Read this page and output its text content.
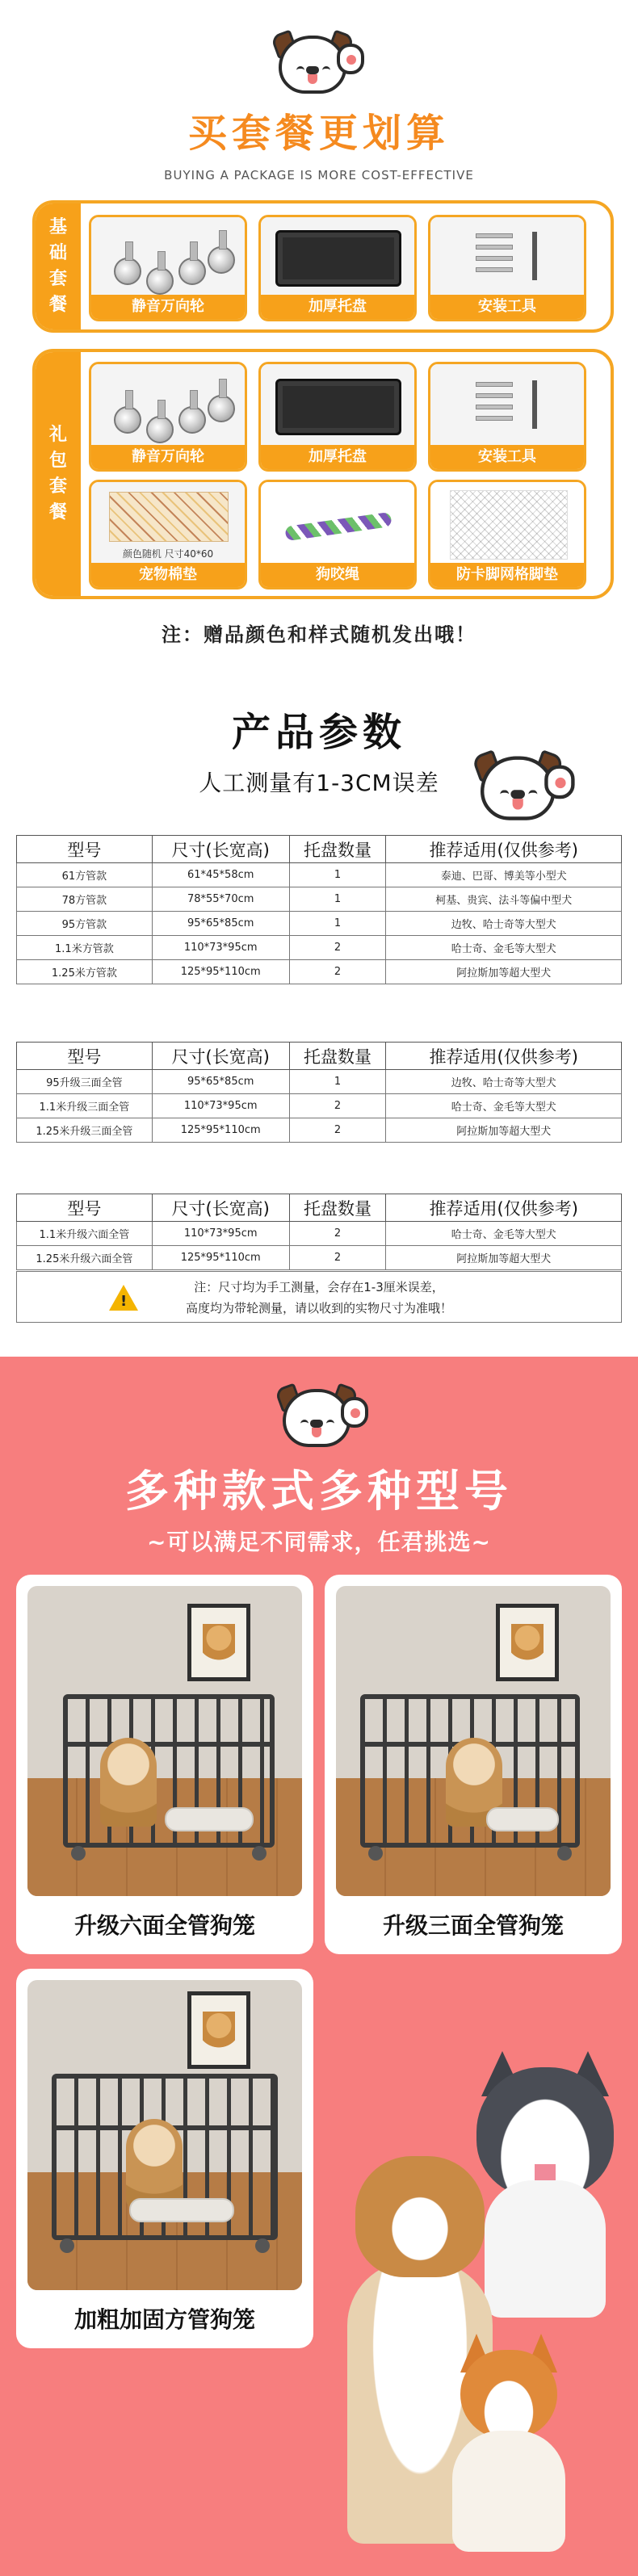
买套餐更划算
BUYING A PACKAGE IS MORE COST-EFFECTIVE
基
础
套
餐	静音万向轮	加厚托盘	安装工具
礼
包
套
餐
静音万向轮	加厚托盘	安装工具
颜色随机 尺寸40*60
宠物棉垫	狗咬绳	防卡脚网格脚垫
注：赠品颜色和样式随机发出哦！
产品参数
人工测量有1-3CM误差
型号	尺寸(长宽高)	托盘数量	推荐适用(仅供参考)
61方管款	61*45*58cm	1	泰迪、巴哥、博美等小型犬
78方管款	78*55*70cm	1	柯基、贵宾、法斗等偏中型犬
95方管款	95*65*85cm	1	边牧、哈士奇等大型犬
1.1米方管款	110*73*95cm	2	哈士奇、金毛等大型犬
1.25米方管款	125*95*110cm	2	阿拉斯加等超大型犬
型号	尺寸(长宽高)	托盘数量	推荐适用(仅供参考)
95升级三面全管	95*65*85cm	1	边牧、哈士奇等大型犬
1.1米升级三面全管	110*73*95cm	2	哈士奇、金毛等大型犬
1.25米升级三面全管	125*95*110cm	2	阿拉斯加等超大型犬
型号	尺寸(长宽高)	托盘数量	推荐适用(仅供参考)
1.1米升级六面全管	110*73*95cm	2	哈士奇、金毛等大型犬
1.25米升级六面全管	125*95*110cm	2	阿拉斯加等超大型犬
!
注：尺寸均为手工测量，会存在1-3厘米误差，
高度均为带轮测量，请以收到的实物尺寸为准哦！
多种款式多种型号
~可以满足不同需求，任君挑选~
升级六面全管狗笼	升级三面全管狗笼
加粗加固方管狗笼
